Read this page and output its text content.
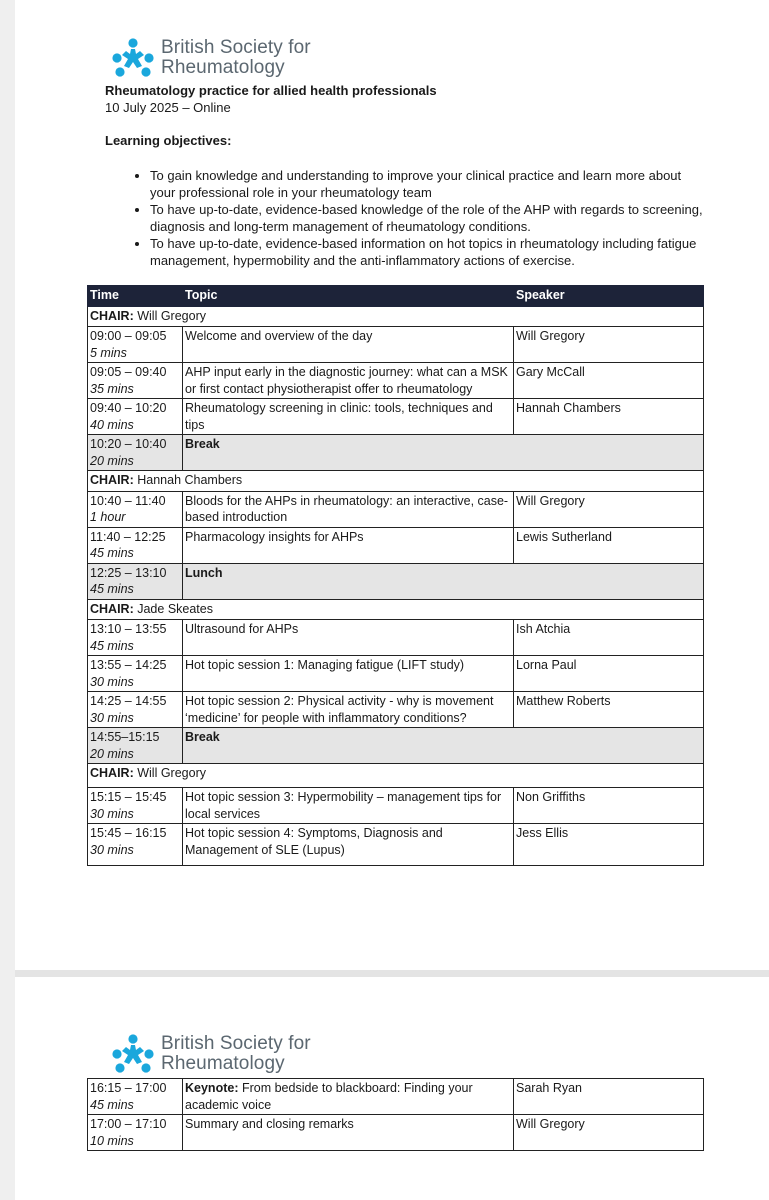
British Society for
Rheumatology
Rheumatology practice for allied health professionals
10 July 2025 – Online
Learning objectives:
• To gain knowledge and understanding to improve your clinical practice and learn more about your professional role in your rheumatology team
• To have up-to-date, evidence-based knowledge of the role of the AHP with regards to screening, diagnosis and long-term management of rheumatology conditions.
• To have up-to-date, evidence-based information on hot topics in rheumatology including fatigue management, hypermobility and the anti-inflammatory actions of exercise.
Time	Topic	Speaker
CHAIR: Will Gregory		
09:00 – 09:05
5 mins	Welcome and overview of the day	Will Gregory
09:05 – 09:40
35 mins	AHP input early in the diagnostic journey: what can a MSK or first contact physiotherapist offer to rheumatology	Gary McCall
09:40 – 10:20
40 mins	Rheumatology screening in clinic: tools, techniques and tips	Hannah Chambers
10:20 – 10:40
20 mins	Break	
CHAIR: Hannah Chambers		
10:40 – 11:40
1 hour	Bloods for the AHPs in rheumatology: an interactive, case-based introduction	Will Gregory
11:40 – 12:25
45 mins	Pharmacology insights for AHPs	Lewis Sutherland
12:25 – 13:10
45 mins	Lunch	
CHAIR: Jade Skeates		
13:10 – 13:55
45 mins	Ultrasound for AHPs	Ish Atchia
13:55 – 14:25
30 mins	Hot topic session 1: Managing fatigue (LIFT study)	Lorna Paul
14:25 – 14:55
30 mins	Hot topic session 2: Physical activity - why is movement ‘medicine’ for people with inflammatory conditions?	Matthew Roberts
14:55–15:15
20 mins	Break	
CHAIR: Will Gregory		
15:15 – 15:45
30 mins	Hot topic session 3: Hypermobility – management tips for local services	Non Griffiths
15:45 – 16:15
30 mins	Hot topic session 4: Symptoms, Diagnosis and Management of SLE (Lupus)	Jess Ellis
British Society for
Rheumatology
16:15 – 17:00
45 mins	Keynote: From bedside to blackboard: Finding your academic voice	Sarah Ryan
17:00 – 17:10
10 mins	Summary and closing remarks	Will Gregory
